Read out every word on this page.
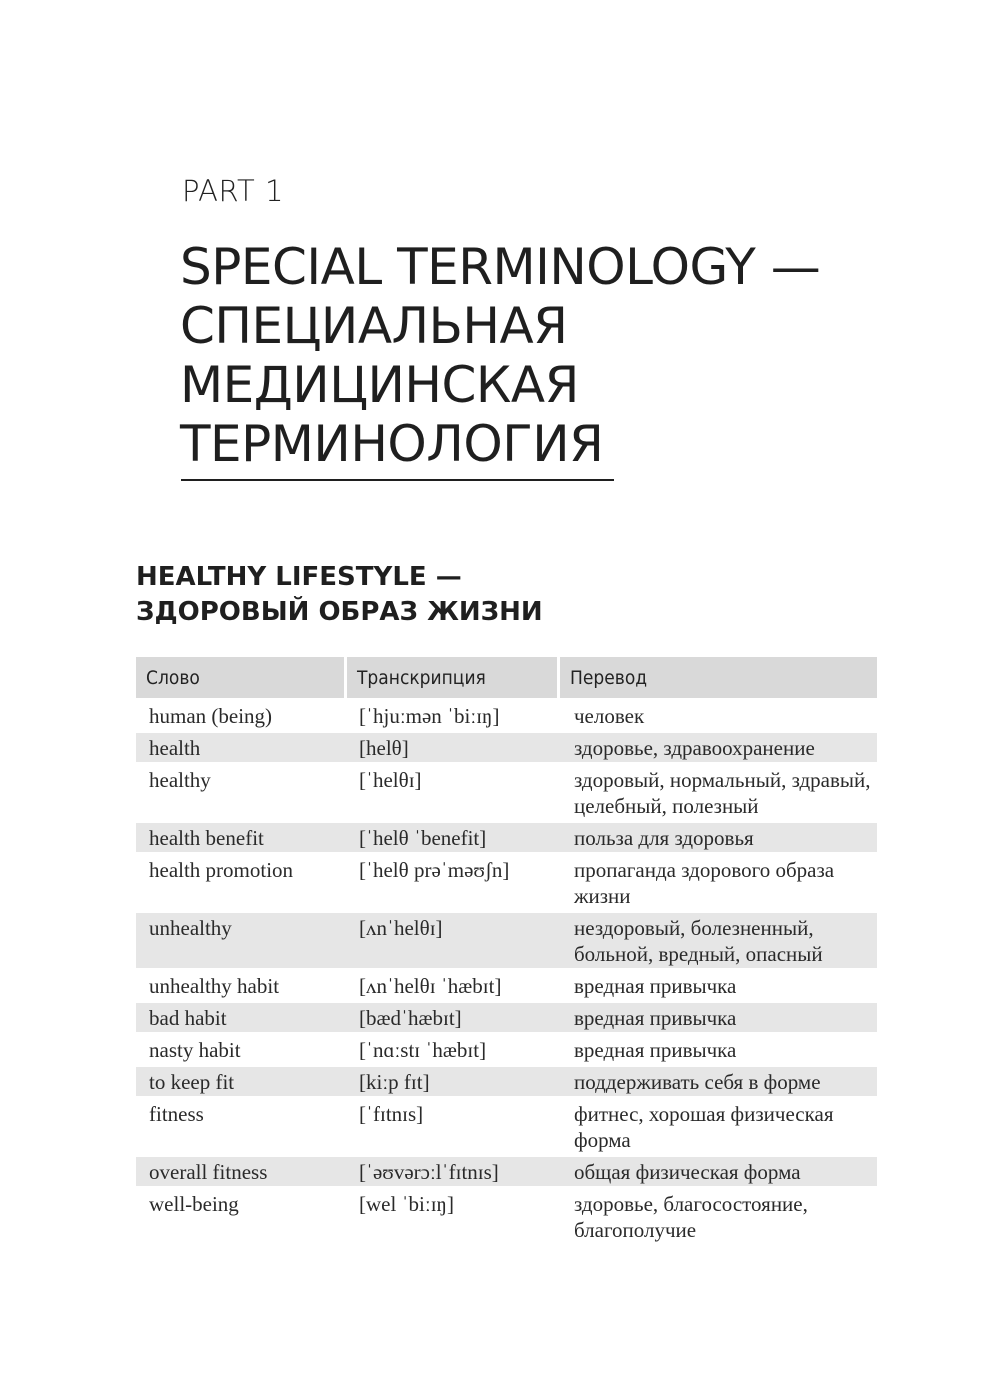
PART 1
SPECIAL TERMINOLOGY —
СПЕЦИАЛЬНАЯ
МЕДИЦИНСКАЯ
ТЕРМИНОЛОГИЯ
HEALTHY LIFESTYLE —
ЗДОРОВЫЙ ОБРАЗ ЖИЗНИ
Слово	Транскрипция	Перевод
human (being)	[ˈhjuːmən ˈbiːɪŋ]	человек
health	[helθ]	здоровье, здравоохранение
healthy	[ˈhelθɪ]	здоровый, нормальный, здравый, целебный, полезный
health benefit	[ˈhelθ ˈbenefit]	польза для здоровья
health promotion	[ˈhelθ prəˈməʊʃn]	пропаганда здорового образа жизни
unhealthy	[ʌnˈhelθɪ]	нездоровый, болезненный, больной, вредный, опасный
unhealthy habit	[ʌnˈhelθɪ ˈhæbɪt]	вредная привычка
bad habit	[bædˈhæbɪt]	вредная привычка
nasty habit	[ˈnɑːstɪ ˈhæbɪt]	вредная привычка
to keep fit	[kiːp fɪt]	поддерживать себя в форме
fitness	[ˈfɪtnɪs]	фитнес, хорошая физическая форма
overall fitness	[ˈəʊvərɔːlˈfɪtnɪs]	общая физическая форма
well-being	[wel ˈbiːɪŋ]	здоровье, благосостояние, благополучие
